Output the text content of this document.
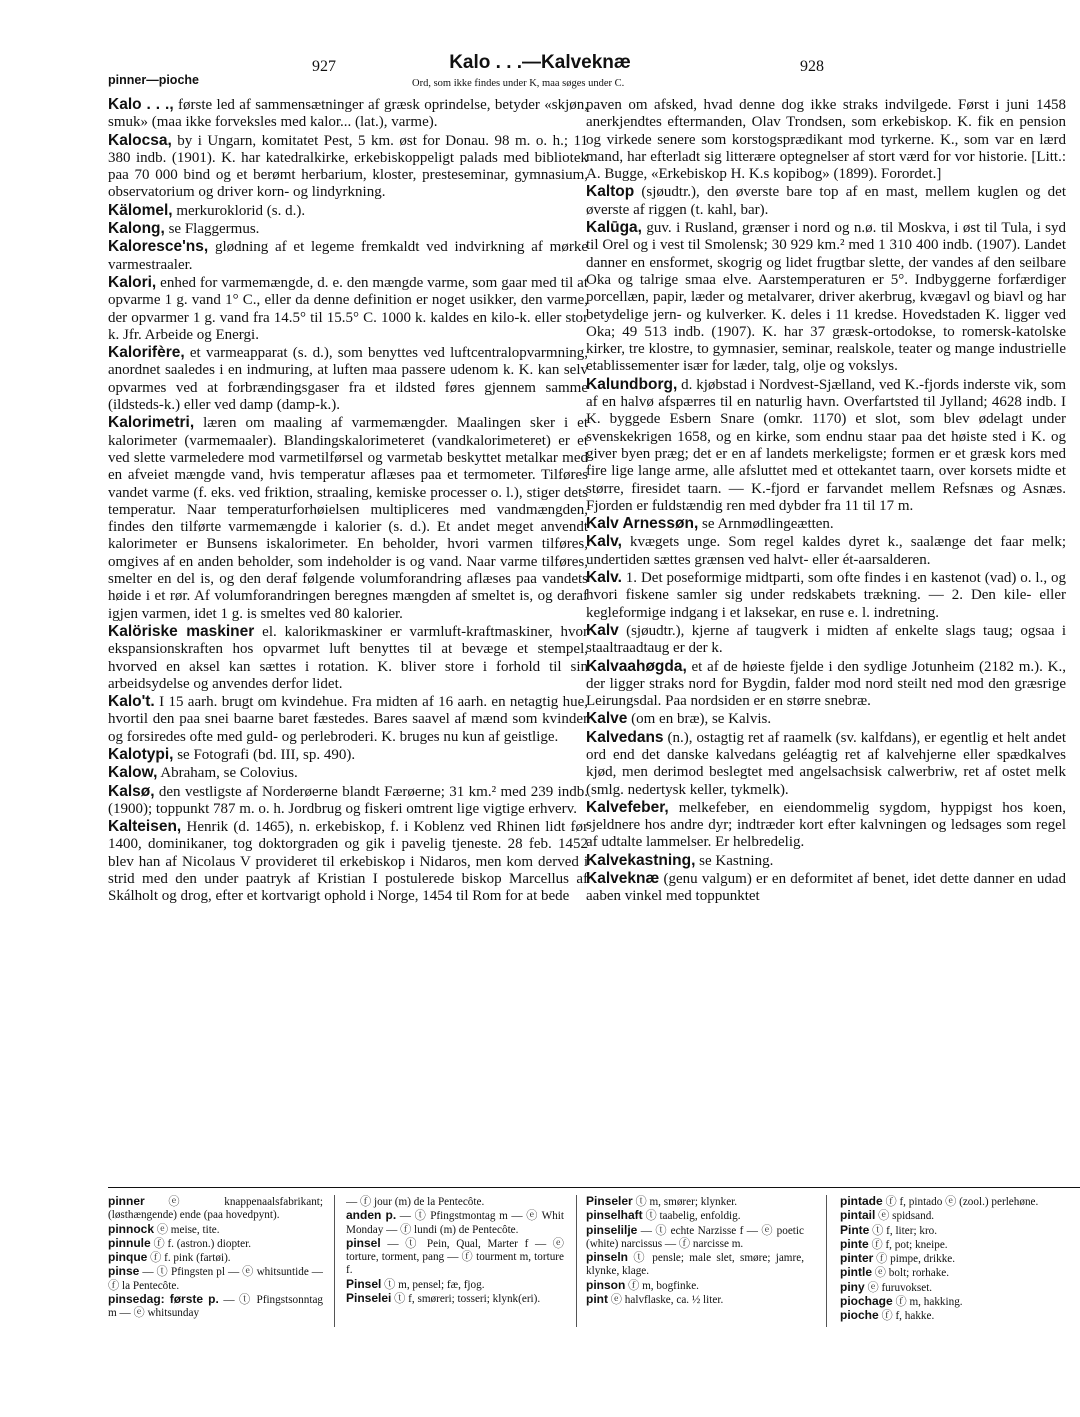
927	Kalo . . .—Kalveknæ	928
pinner—pioche	Ord, som ikke findes under K, maa søges under C.

Kalo . . ., første led af sammensætninger af græsk oprindelse, betyder «skjøn, smuk» (maa ikke forveksles med kalor... (lat.), varme).

Kalocsa, by i Ungarn, komitatet Pest, 5 km. øst for Donau. 98 m. o. h.; 11 380 indb. (1901). K. har katedralkirke, erkebiskoppeligt palads med bibliotek paa 70 000 bind og et berømt herbarium, kloster, presteseminar, gymnasium, observatorium og driver korn- og lindyrkning.

Kälomel, merkuroklorid (s. d.).

Kalong, se Flaggermus.

Kaloresce'ns, glødning af et legeme fremkaldt ved indvirkning af mørke varmestraaler.

Kalori, enhed for varmemængde, d. e. den mængde varme, som gaar med til at opvarme 1 g. vand 1° C., eller da denne definition er noget usikker, den varme, der opvarmer 1 g. vand fra 14.5° til 15.5° C. 1000 k. kaldes en kilo-k. eller stor k. Jfr. Arbeide og Energi.

Kalorifère, et varmeapparat (s. d.), som benyttes ved luftcentralopvarmning, anordnet saaledes i en indmuring, at luften maa passere udenom k. K. kan selv opvarmes ved at forbrændingsgaser fra et ildsted føres gjennem samme (ildsteds-k.) eller ved damp (damp-k.).

Kalorimetri, læren om maaling af varmemængder. Maalingen sker i et kalorimeter (varmemaaler). Blandingskalorimeteret (vandkalorimeteret) er et ved slette varmeledere mod varmetilførsel og varmetab beskyttet metalkar med en afveiet mængde vand, hvis temperatur aflæses paa et termometer. Tilføres vandet varme (f. eks. ved friktion, straaling, kemiske processer o. l.), stiger dets temperatur. Naar temperaturforhøielsen multipliceres med vandmængden, findes den tilførte varmemængde i kalorier (s. d.). Et andet meget anvendt kalorimeter er Bunsens iskalorimeter. En beholder, hvori varmen tilføres, omgives af en anden beholder, som indeholder is og vand. Naar varme tilføres, smelter en del is, og den deraf følgende volumforandring aflæses paa vandets høide i et rør. Af volumforandringen beregnes mængden af smeltet is, og deraf igjen varmen, idet 1 g. is smeltes ved 80 kalorier.

Kalöriske maskiner el. kalorikmaskiner er varmluft-kraftmaskiner, hvor ekspansionskraften hos opvarmet luft benyttes til at bevæge et stempel, hvorved en aksel kan sættes i rotation. K. bliver store i forhold til sin arbeidsydelse og anvendes derfor lidet.

Kalo't. I 15 aarh. brugt om kvindehue. Fra midten af 16 aarh. en netagtig hue, hvortil den paa snei baarne baret fæstedes. Bares saavel af mænd som kvinder og forsiredes ofte med guld- og perlebroderi. K. bruges nu kun af geistlige.

Kalotypi, se Fotografi (bd. III, sp. 490).

Kalow, Abraham, se Colovius.

Kalsø, den vestligste af Norderøerne blandt Færøerne; 31 km.² med 239 indb. (1900); toppunkt 787 m. o. h. Jordbrug og fiskeri omtrent lige vigtige erhverv.

Kalteisen, Henrik (d. 1465), n. erkebiskop, f. i Koblenz ved Rhinen lidt før 1400, dominikaner, tog doktorgraden og gik i pavelig tjeneste. 28 feb. 1452 blev han af Nicolaus V provideret til erkebiskop i Nidaros, men kom derved i strid med den under paatryk af Kristian I postulerede biskop Marcellus af Skálholt og drog, efter et kortvarigt ophold i Norge, 1454 til Rom for at bede

paven om afsked, hvad denne dog ikke straks indvilgede. Først i juni 1458 anerkjendtes eftermanden, Olav Trondsen, som erkebiskop. K. fik en pension og virkede senere som korstogsprædikant mod tyrkerne. K., som var en lærd mand, har efterladt sig litterære optegnelser af stort værd for vor historie. [Litt.: A. Bugge, «Erkebiskop H. K.s kopibog» (1899). Forordet.]

Kaltop (sjøudtr.), den øverste bare top af en mast, mellem kuglen og det øverste af riggen (t. kahl, bar).

Kalūga, guv. i Rusland, grænser i nord og n.ø. til Moskva, i øst til Tula, i syd til Orel og i vest til Smolensk; 30 929 km.² med 1 310 400 indb. (1907). Landet danner en ensformet, skogrig og lidet frugtbar slette, der vandes af den seilbare Oka og talrige smaa elve. Aarstemperaturen er 5°. Indbyggerne forfærdiger porcellæn, papir, læder og metalvarer, driver akerbrug, kvægavl og biavl og har betydelige jern- og kulverker. K. deles i 11 kredse. Hovedstaden K. ligger ved Oka; 49 513 indb. (1907). K. har 37 græsk-ortodokse, to romersk-katolske kirker, tre klostre, to gymnasier, seminar, realskole, teater og mange industrielle etablissementer især for læder, talg, olje og vokslys.

Kalundborg, d. kjøbstad i Nordvest-Sjælland, ved K.-fjords inderste vik, som af en halvø afspærres til en naturlig havn. Overfartsted til Jylland; 4628 indb. I K. byggede Esbern Snare (omkr. 1170) et slot, som blev ødelagt under svenskekrigen 1658, og en kirke, som endnu staar paa det høiste sted i K. og giver byen præg; det er en af landets merkeligste; formen er et græsk kors med fire lige lange arme, alle afsluttet med et ottekantet taarn, over korsets midte et større, firesidet taarn. — K.-fjord er farvandet mellem Refsnæs og Asnæs. Fjorden er fuldstændig ren med dybder fra 11 til 17 m.

Kalv Arnessøn, se Arnmødlingeætten.

Kalv, kvægets unge. Som regel kaldes dyret k., saalænge det faar melk; undertiden sættes grænsen ved halvt- eller ét-aarsalderen.

Kalv. 1. Det poseformige midtparti, som ofte findes i en kastenot (vad) o. l., og hvori fiskene samler sig under redskabets trækning. — 2. Den kile- eller kegleformige indgang i et laksekar, en ruse e. l. indretning.

Kalv (sjøudtr.), kjerne af taugverk i midten af enkelte slags taug; ogsaa i staaltraadtaug er der k.

Kalvaahøgda, et af de høieste fjelde i den sydlige Jotunheim (2182 m.). K., der ligger straks nord for Bygdin, falder mod nord steilt ned mod den græsrige Leirungsdal. Paa nordsiden er en større snebræ.

Kalve (om en bræ), se Kalvis.

Kalvedans (n.), ostagtig ret af raamelk (sv. kalfdans), er egentlig et helt andet ord end det danske kalvedans geléagtig ret af kalvehjerne eller spædkalves kjød, men derimod beslegtet med angelsachsisk calwerbriw, ret af ostet melk (smlg. nedertysk keller, tykmelk).

Kalvefeber, melkefeber, en eiendommelig sygdom, hyppigst hos koen, sjeldnere hos andre dyr; indtræder kort efter kalvningen og ledsages som regel af udtalte lammelser. Er helbredelig.

Kalvekastning, se Kastning.

Kalveknæ (genu valgum) er en deformitet af benet, idet dette danner en udad aaben vinkel med toppunktet

pinner ⓔ knappenaalsfabrikant; (løsthængende) ende (paa hovedpynt).
pinnock ⓔ meise, tite.
pinnule ⓕ f. (astron.) diopter.
pinque ⓕ f. pink (fartøi).
pinse — ⓣ Pfingsten pl — ⓔ whitsuntide — ⓕ la Pentecôte.
pinsedag: første p. — ⓣ Pfingstsonntag m — ⓔ whitsunday
— ⓕ jour (m) de la Pentecôte.
anden p. — ⓣ Pfingstmontag m — ⓔ Whit Monday — ⓕ lundi (m) de Pentecôte.
pinsel — ⓣ Pein, Qual, Marter f — ⓔ torture, torment, pang — ⓕ tourment m, torture f.
Pinsel ⓣ m, pensel; fæ, fjog.
Pinselei ⓣ f, smøreri; tosseri; klynk(eri).
Pinseler ⓣ m, smører; klynker.
pinselhaft ⓣ taabelig, enfoldig.
pinselilje — ⓣ echte Narzisse f — ⓔ poetic (white) narcissus — ⓕ narcisse m.
pinseln ⓣ pensle; male slet, smøre; jamre, klynke, klage.
pinson ⓕ m, bogfinke.
pint ⓔ halvflaske, ca. ½ liter.
pintade ⓕ f, pintado ⓔ (zool.) perlehøne.
pintail ⓔ spidsand.
Pinte ⓣ f, liter; kro.
pinte ⓕ f, pot; kneipe.
pinter ⓕ pimpe, drikke.
pintle ⓔ bolt; rorhake.
piny ⓔ furuvokset.
piochage ⓕ m, hakking.
pioche ⓕ f, hakke.
